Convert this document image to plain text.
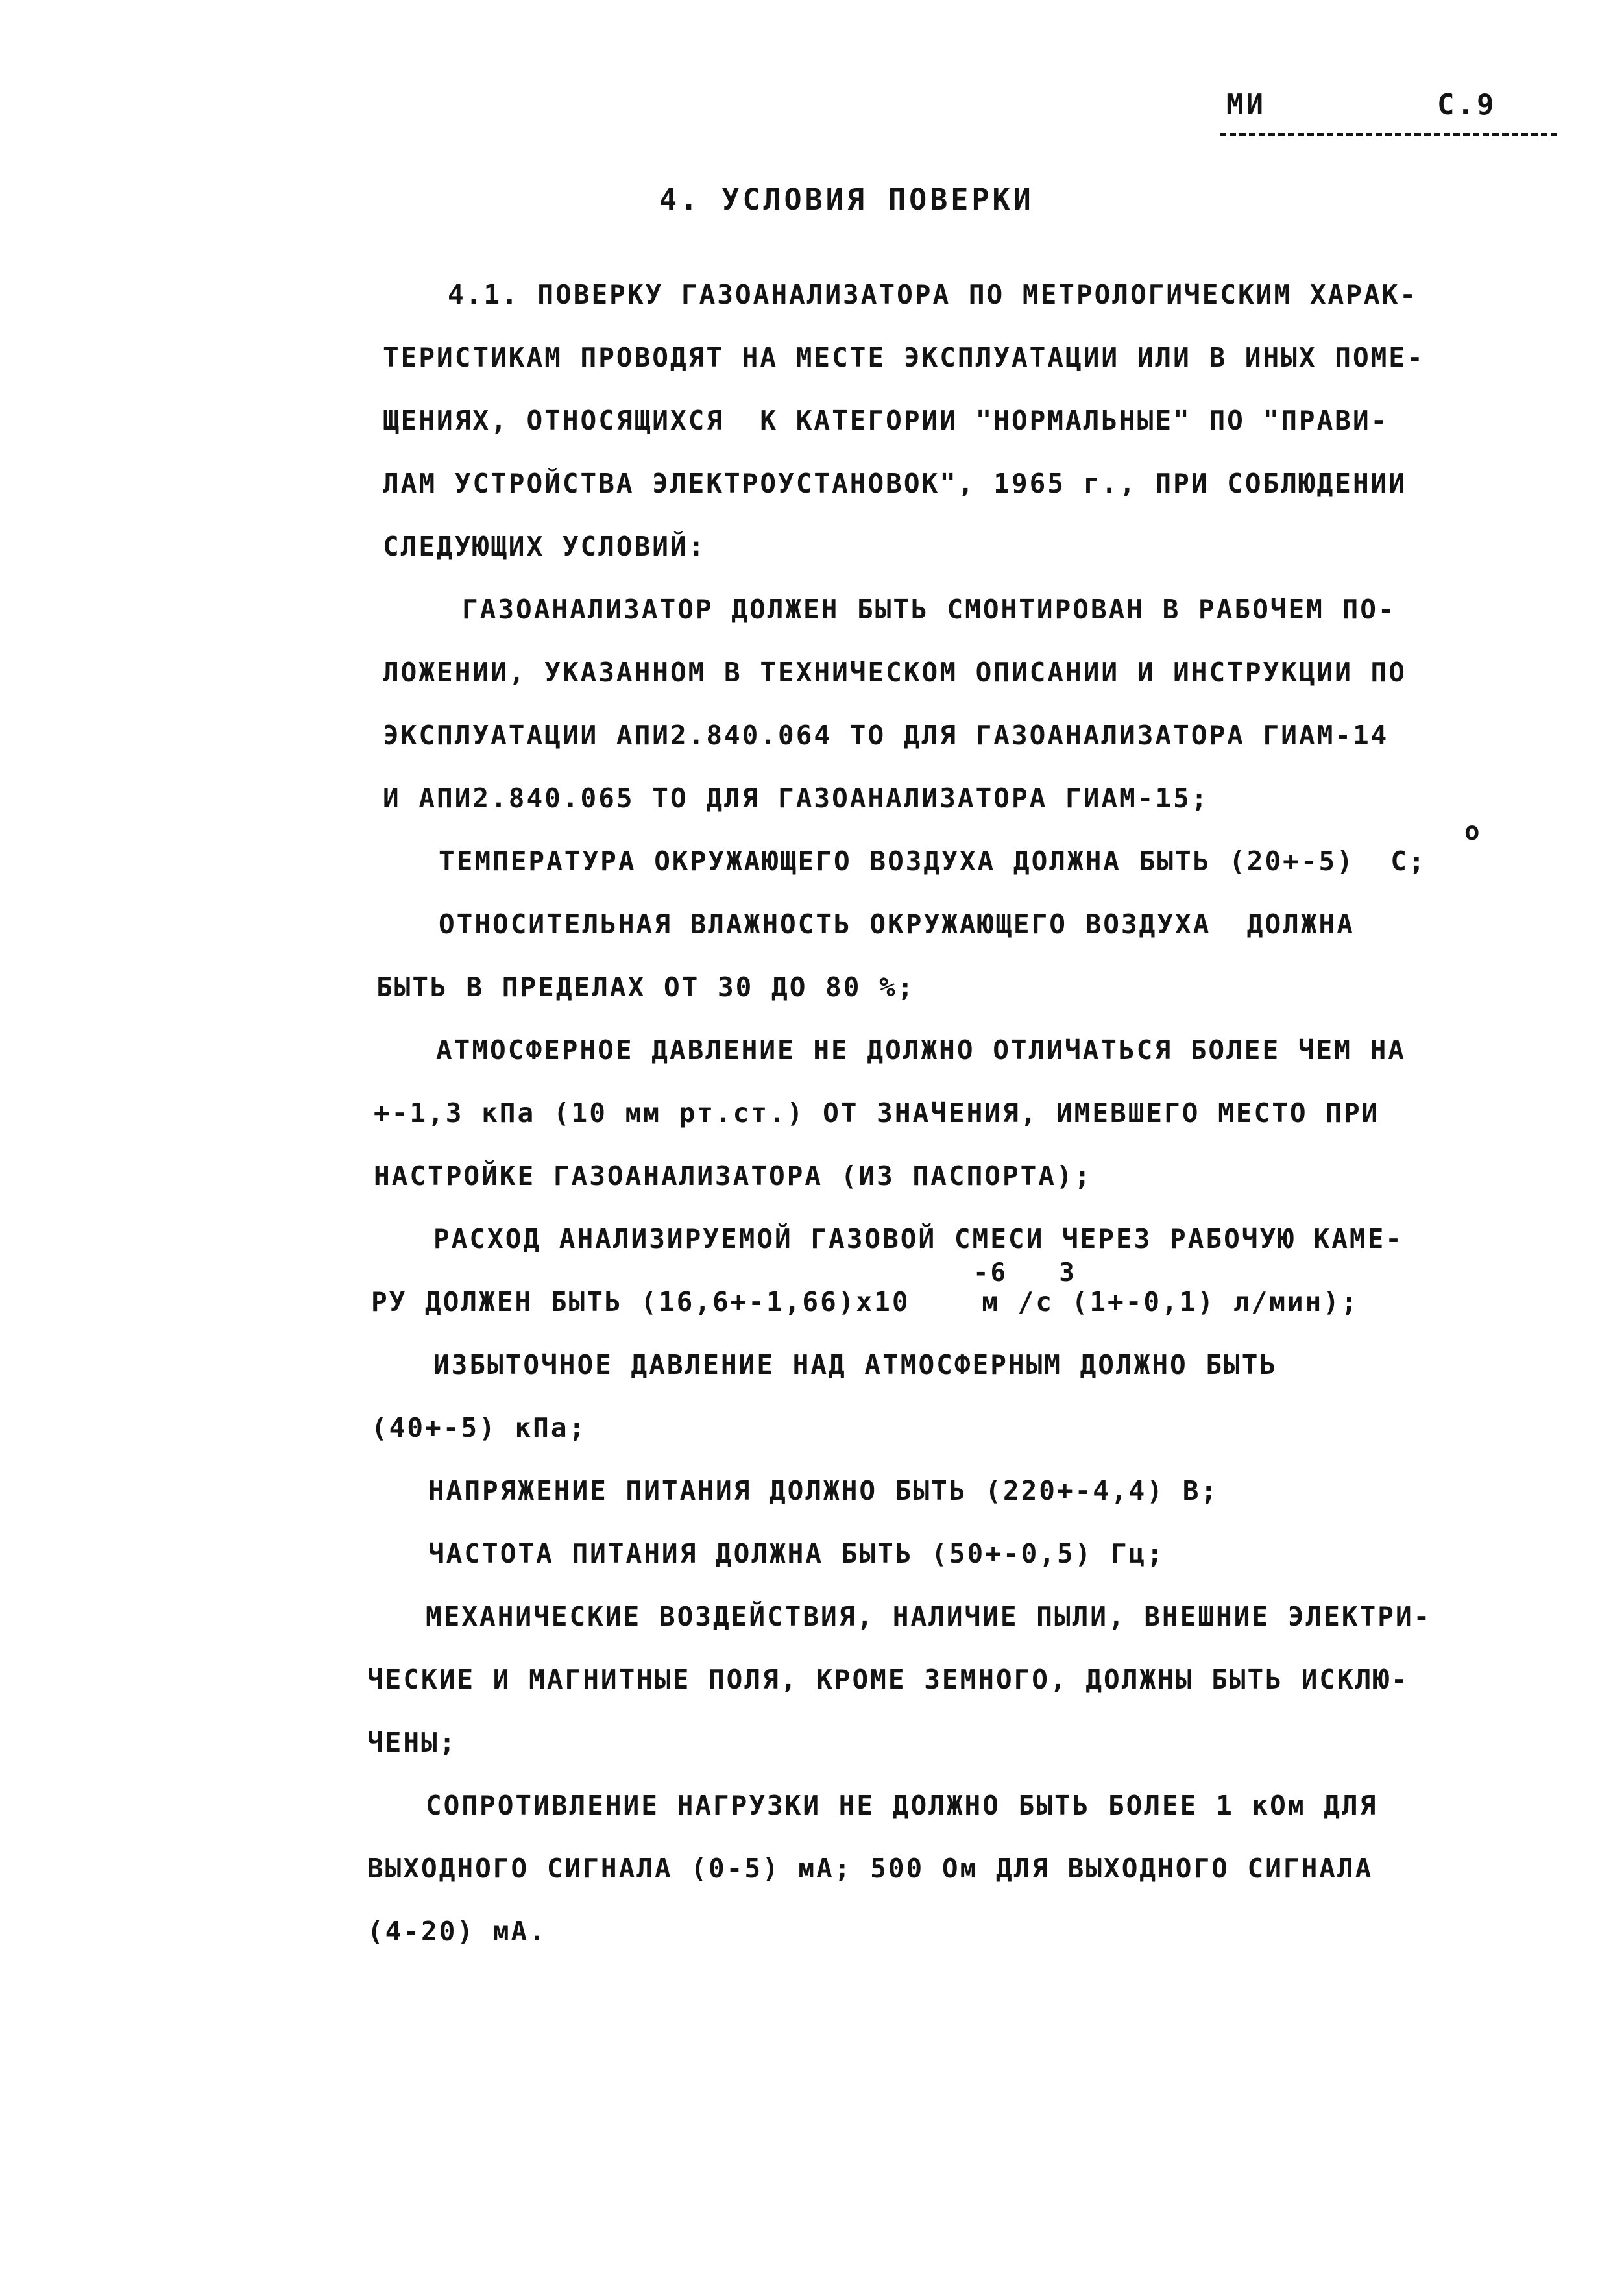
МИ	С.9
4. УСЛОВИЯ ПОВЕРКИ
4.1. ПОВЕРКУ ГАЗОАНАЛИЗАТОРА ПО МЕТРОЛОГИЧЕСКИМ ХАРАК-
ТЕРИСТИКАМ ПРОВОДЯТ НА МЕСТЕ ЭКСПЛУАТАЦИИ ИЛИ В ИНЫХ ПОМЕ-
ЩЕНИЯХ, ОТНОСЯЩИХСЯ  К КАТЕГОРИИ "НОРМАЛЬНЫЕ" ПО "ПРАВИ-
ЛАМ УСТРОЙСТВА ЭЛЕКТРОУСТАНОВОК", 1965 г., ПРИ СОБЛЮДЕНИИ
СЛЕДУЮЩИХ УСЛОВИЙ:
ГАЗОАНАЛИЗАТОР ДОЛЖЕН БЫТЬ СМОНТИРОВАН В РАБОЧЕМ ПО-
ЛОЖЕНИИ, УКАЗАННОМ В ТЕХНИЧЕСКОМ ОПИСАНИИ И ИНСТРУКЦИИ ПО
ЭКСПЛУАТАЦИИ АПИ2.840.064 ТО ДЛЯ ГАЗОАНАЛИЗАТОРА ГИАМ-14
И АПИ2.840.065 ТО ДЛЯ ГАЗОАНАЛИЗАТОРА ГИАМ-15;
o
ТЕМПЕРАТУРА ОКРУЖАЮЩЕГО ВОЗДУХА ДОЛЖНА БЫТЬ (20+-5)  С;
ОТНОСИТЕЛЬНАЯ ВЛАЖНОСТЬ ОКРУЖАЮЩЕГО ВОЗДУХА  ДОЛЖНА
БЫТЬ В ПРЕДЕЛАХ ОТ 30 ДО 80 %;
АТМОСФЕРНОЕ ДАВЛЕНИЕ НЕ ДОЛЖНО ОТЛИЧАТЬСЯ БОЛЕЕ ЧЕМ НА
+-1,3 кПа (10 мм рт.ст.) ОТ ЗНАЧЕНИЯ, ИМЕВШЕГО МЕСТО ПРИ
НАСТРОЙКЕ ГАЗОАНАЛИЗАТОРА (ИЗ ПАСПОРТА);
РАСХОД АНАЛИЗИРУЕМОЙ ГАЗОВОЙ СМЕСИ ЧЕРЕЗ РАБОЧУЮ КАМЕ-
-6   3
РУ ДОЛЖЕН БЫТЬ (16,6+-1,66)х10    м /с (1+-0,1) л/мин);
ИЗБЫТОЧНОЕ ДАВЛЕНИЕ НАД АТМОСФЕРНЫМ ДОЛЖНО БЫТЬ
(40+-5) кПа;
НАПРЯЖЕНИЕ ПИТАНИЯ ДОЛЖНО БЫТЬ (220+-4,4) В;
ЧАСТОТА ПИТАНИЯ ДОЛЖНА БЫТЬ (50+-0,5) Гц;
МЕХАНИЧЕСКИЕ ВОЗДЕЙСТВИЯ, НАЛИЧИЕ ПЫЛИ, ВНЕШНИЕ ЭЛЕКТРИ-
ЧЕСКИЕ И МАГНИТНЫЕ ПОЛЯ, КРОМЕ ЗЕМНОГО, ДОЛЖНЫ БЫТЬ ИСКЛЮ-
ЧЕНЫ;
СОПРОТИВЛЕНИЕ НАГРУЗКИ НЕ ДОЛЖНО БЫТЬ БОЛЕЕ 1 кОм ДЛЯ
ВЫХОДНОГО СИГНАЛА (0-5) мА; 500 Ом ДЛЯ ВЫХОДНОГО СИГНАЛА
(4-20) мА.
